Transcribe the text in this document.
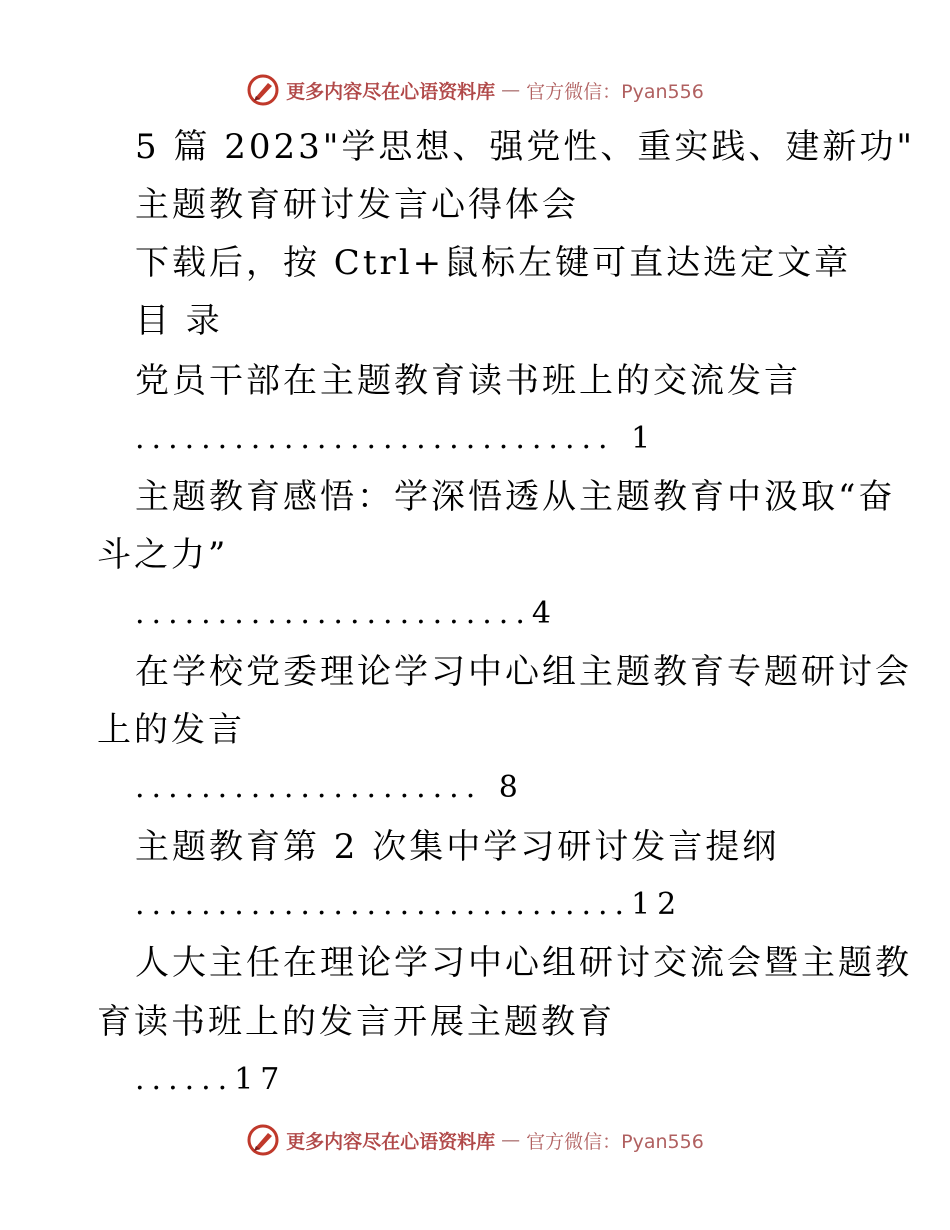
更多内容尽在心语资料库 — 官方微信：Pyan556
5 篇 2023"学思想、强党性、重实践、建新功"
主题教育研讨发言心得体会
下载后，按 Ctrl+鼠标左键可直达选定文章
目 录
党员干部在主题教育读书班上的交流发言
............................. 1
主题教育感悟：学深悟透从主题教育中汲取“奋
斗之力”
........................4
在学校党委理论学习中心组主题教育专题研讨会
上的发言
..................... 8
主题教育第 2 次集中学习研讨发言提纲
..............................12
人大主任在理论学习中心组研讨交流会暨主题教
育读书班上的发言开展主题教育
......17
更多内容尽在心语资料库 — 官方微信：Pyan556
